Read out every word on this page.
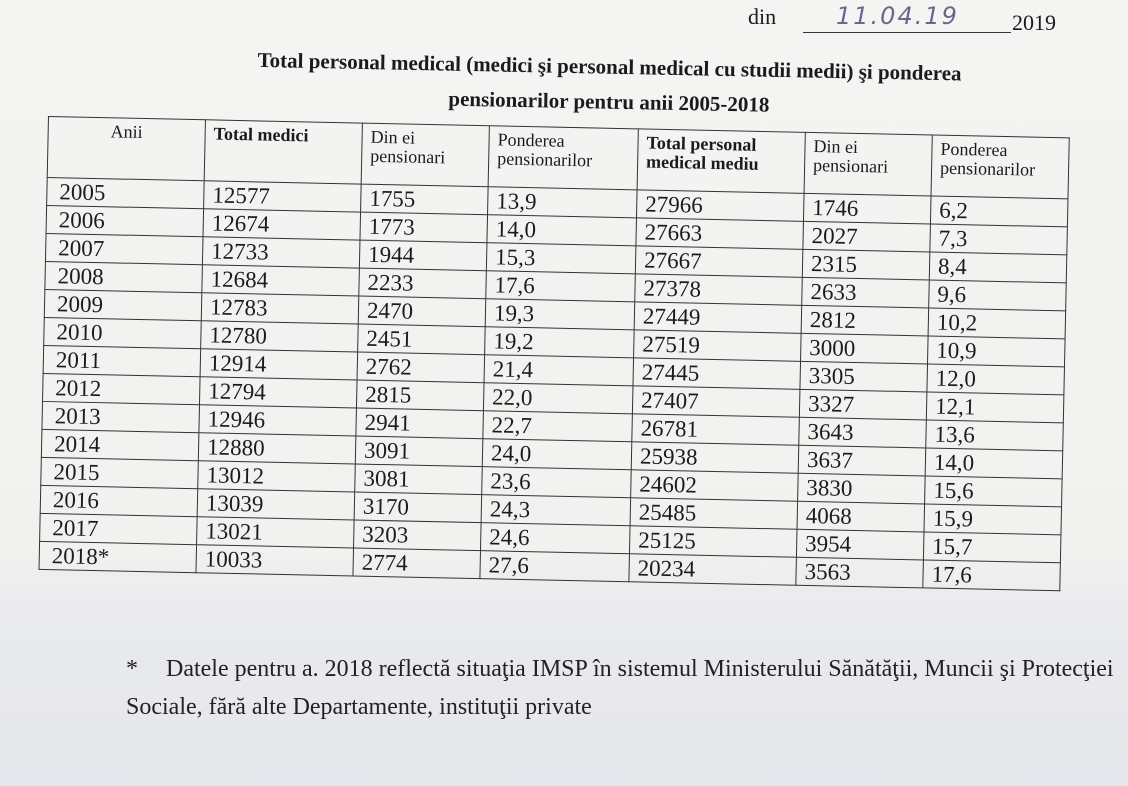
din 11.04.19 2019
Total personal medical (medici şi personal medical cu studii medii) şi ponderea pensionarilor pentru anii 2005-2018
Anii	Total medici	Din ei pensionari	Ponderea pensionarilor	Total personal medical mediu	Din ei pensionari	Ponderea pensionarilor
2005	12577	1755	13,9	27966	1746	6,2
2006	12674	1773	14,0	27663	2027	7,3
2007	12733	1944	15,3	27667	2315	8,4
2008	12684	2233	17,6	27378	2633	9,6
2009	12783	2470	19,3	27449	2812	10,2
2010	12780	2451	19,2	27519	3000	10,9
2011	12914	2762	21,4	27445	3305	12,0
2012	12794	2815	22,0	27407	3327	12,1
2013	12946	2941	22,7	26781	3643	13,6
2014	12880	3091	24,0	25938	3637	14,0
2015	13012	3081	23,6	24602	3830	15,6
2016	13039	3170	24,3	25485	4068	15,9
2017	13021	3203	24,6	25125	3954	15,7
2018*	10033	2774	27,6	20234	3563	17,6
* Datele pentru a. 2018 reflectă situaţia IMSP în sistemul Ministerului Sănătăţii, Muncii şi Protecţiei Sociale, fără alte Departamente, instituţii private
